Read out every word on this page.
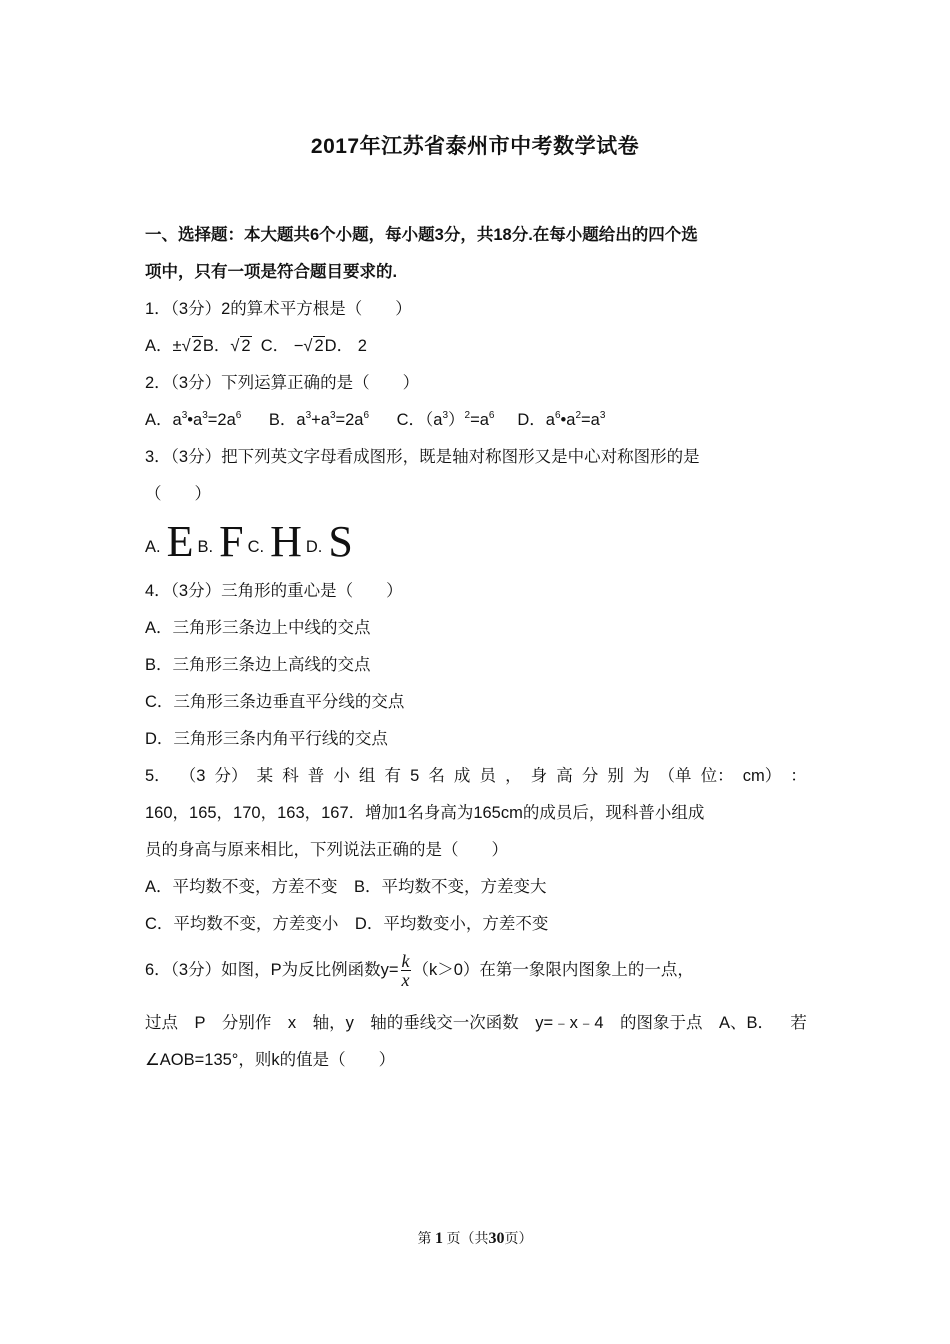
2017年江苏省泰州市中考数学试卷
一、选择题：本大题共6个小题，每小题3分，共18分.在每小题给出的四个选
项中，只有一项是符合题目要求的.
1．（3分）2的算术平方根是（　　）
A．±√ 2B．√ 2 C． −√ 2D． 2
2．（3分）下列运算正确的是（　　）
A．$a^3•a^3=2a^6$ B．$a^3+a^3=2a^6$ C．$(a^3)^2=a^6$ D．$a^6•a^2=a^3$
3．（3分）把下列英文字母看成图形，既是轴对称图形又是中心对称图形的是
（　　）
A. E B. F C. H D. S
4．（3分）三角形的重心是（　　）
A．三角形三条边上中线的交点
B．三角形三条边上高线的交点
C．三角形三条边垂直平分线的交点
D．三角形三条内角平行线的交点
5． （3 分） 某 科 普 小 组 有 5 名 成 员 ， 身 高 分 别 为 （单 位： cm） ：
160，165，170，163，167．增加1名身高为165cm的成员后，现科普小组成
员的身高与原来相比，下列说法正确的是（　　）
A．平均数不变，方差不变　B．平均数不变，方差变大
C．平均数不变，方差变小　D．平均数变小，方差不变
6．（3分）如图，P为反比例函数$y= \frac{k}{x} (k>0)$在第一象限内图象上的一点，
过点 P 分别作 x 轴，y 轴的垂线交一次函数 y=﹣x﹣4 的图象于点 A、B． 若
∠AOB=135°，则k的值是（　　）
第 1 页（共30页）
